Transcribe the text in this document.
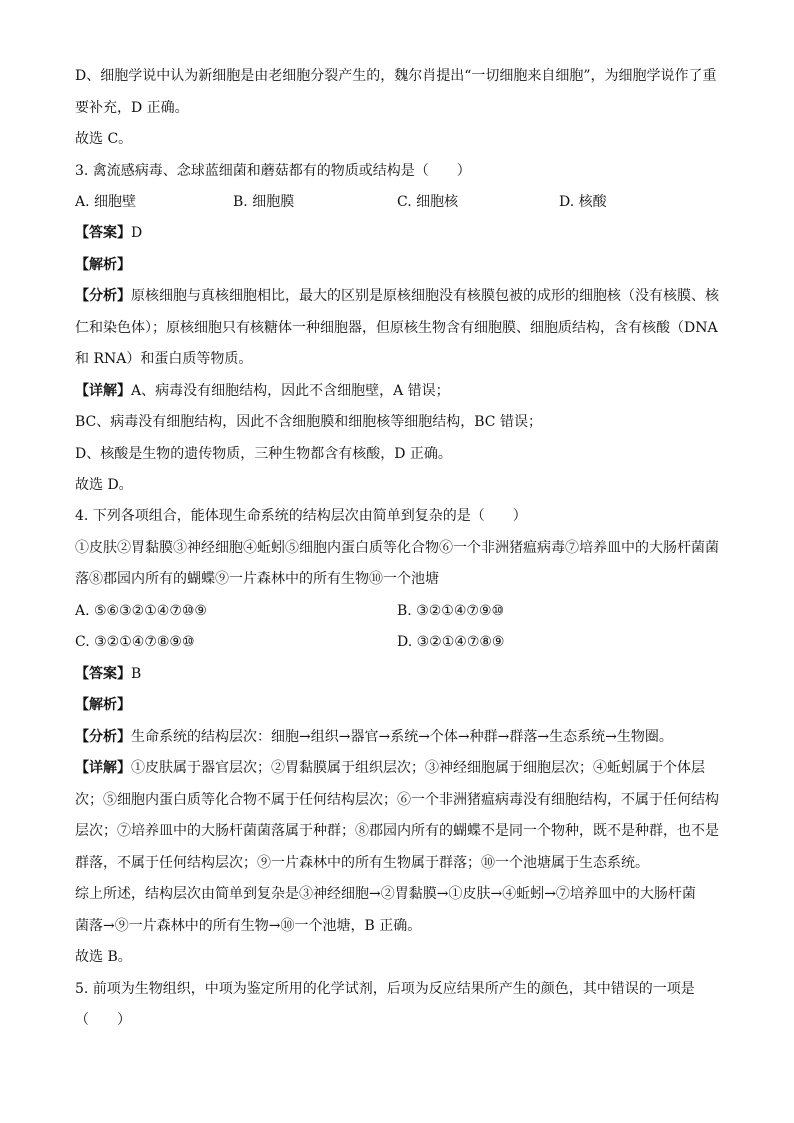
D、细胞学说中认为新细胞是由老细胞分裂产生的，魏尔肖提出“一切细胞来自细胞”，为细胞学说作了重
要补充，D 正确。
故选 C。
3. 禽流感病毒、念球蓝细菌和蘑菇都有的物质或结构是（　　）
A. 细胞壁	B. 细胞膜	C. 细胞核	D. 核酸
【答案】D
【解析】
【分析】原核细胞与真核细胞相比，最大的区别是原核细胞没有核膜包被的成形的细胞核（没有核膜、核
仁和染色体）；原核细胞只有核糖体一种细胞器，但原核生物含有细胞膜、细胞质结构，含有核酸（DNA
和 RNA）和蛋白质等物质。
【详解】A、病毒没有细胞结构，因此不含细胞壁，A 错误；
BC、病毒没有细胞结构，因此不含细胞膜和细胞核等细胞结构，BC 错误；
D、核酸是生物的遗传物质，三种生物都含有核酸，D 正确。
故选 D。
4. 下列各项组合，能体现生命系统的结构层次由简单到复杂的是（　　）
①皮肤②胃黏膜③神经细胞④蚯蚓⑤细胞内蛋白质等化合物⑥一个非洲猪瘟病毒⑦培养皿中的大肠杆菌菌
落⑧郡园内所有的蝴蝶⑨一片森林中的所有生物⑩一个池塘
A. ⑤⑥③②①④⑦⑩⑨	B. ③②①④⑦⑨⑩
C. ③②①④⑦⑧⑨⑩	D. ③②①④⑦⑧⑨
【答案】B
【解析】
【分析】生命系统的结构层次：细胞→组织→器官→系统→个体→种群→群落→生态系统→生物圈。
【详解】①皮肤属于器官层次；②胃黏膜属于组织层次；③神经细胞属于细胞层次；④蚯蚓属于个体层
次；⑤细胞内蛋白质等化合物不属于任何结构层次；⑥一个非洲猪瘟病毒没有细胞结构，不属于任何结构
层次；⑦培养皿中的大肠杆菌菌落属于种群；⑧郡园内所有的蝴蝶不是同一个物种，既不是种群，也不是
群落，不属于任何结构层次；⑨一片森林中的所有生物属于群落；⑩一个池塘属于生态系统。
综上所述，结构层次由简单到复杂是③神经细胞→②胃黏膜→①皮肤→④蚯蚓→⑦培养皿中的大肠杆菌
菌落→⑨一片森林中的所有生物→⑩一个池塘，B 正确。
故选 B。
5. 前项为生物组织，中项为鉴定所用的化学试剂，后项为反应结果所产生的颜色，其中错误的一项是
（　　）
